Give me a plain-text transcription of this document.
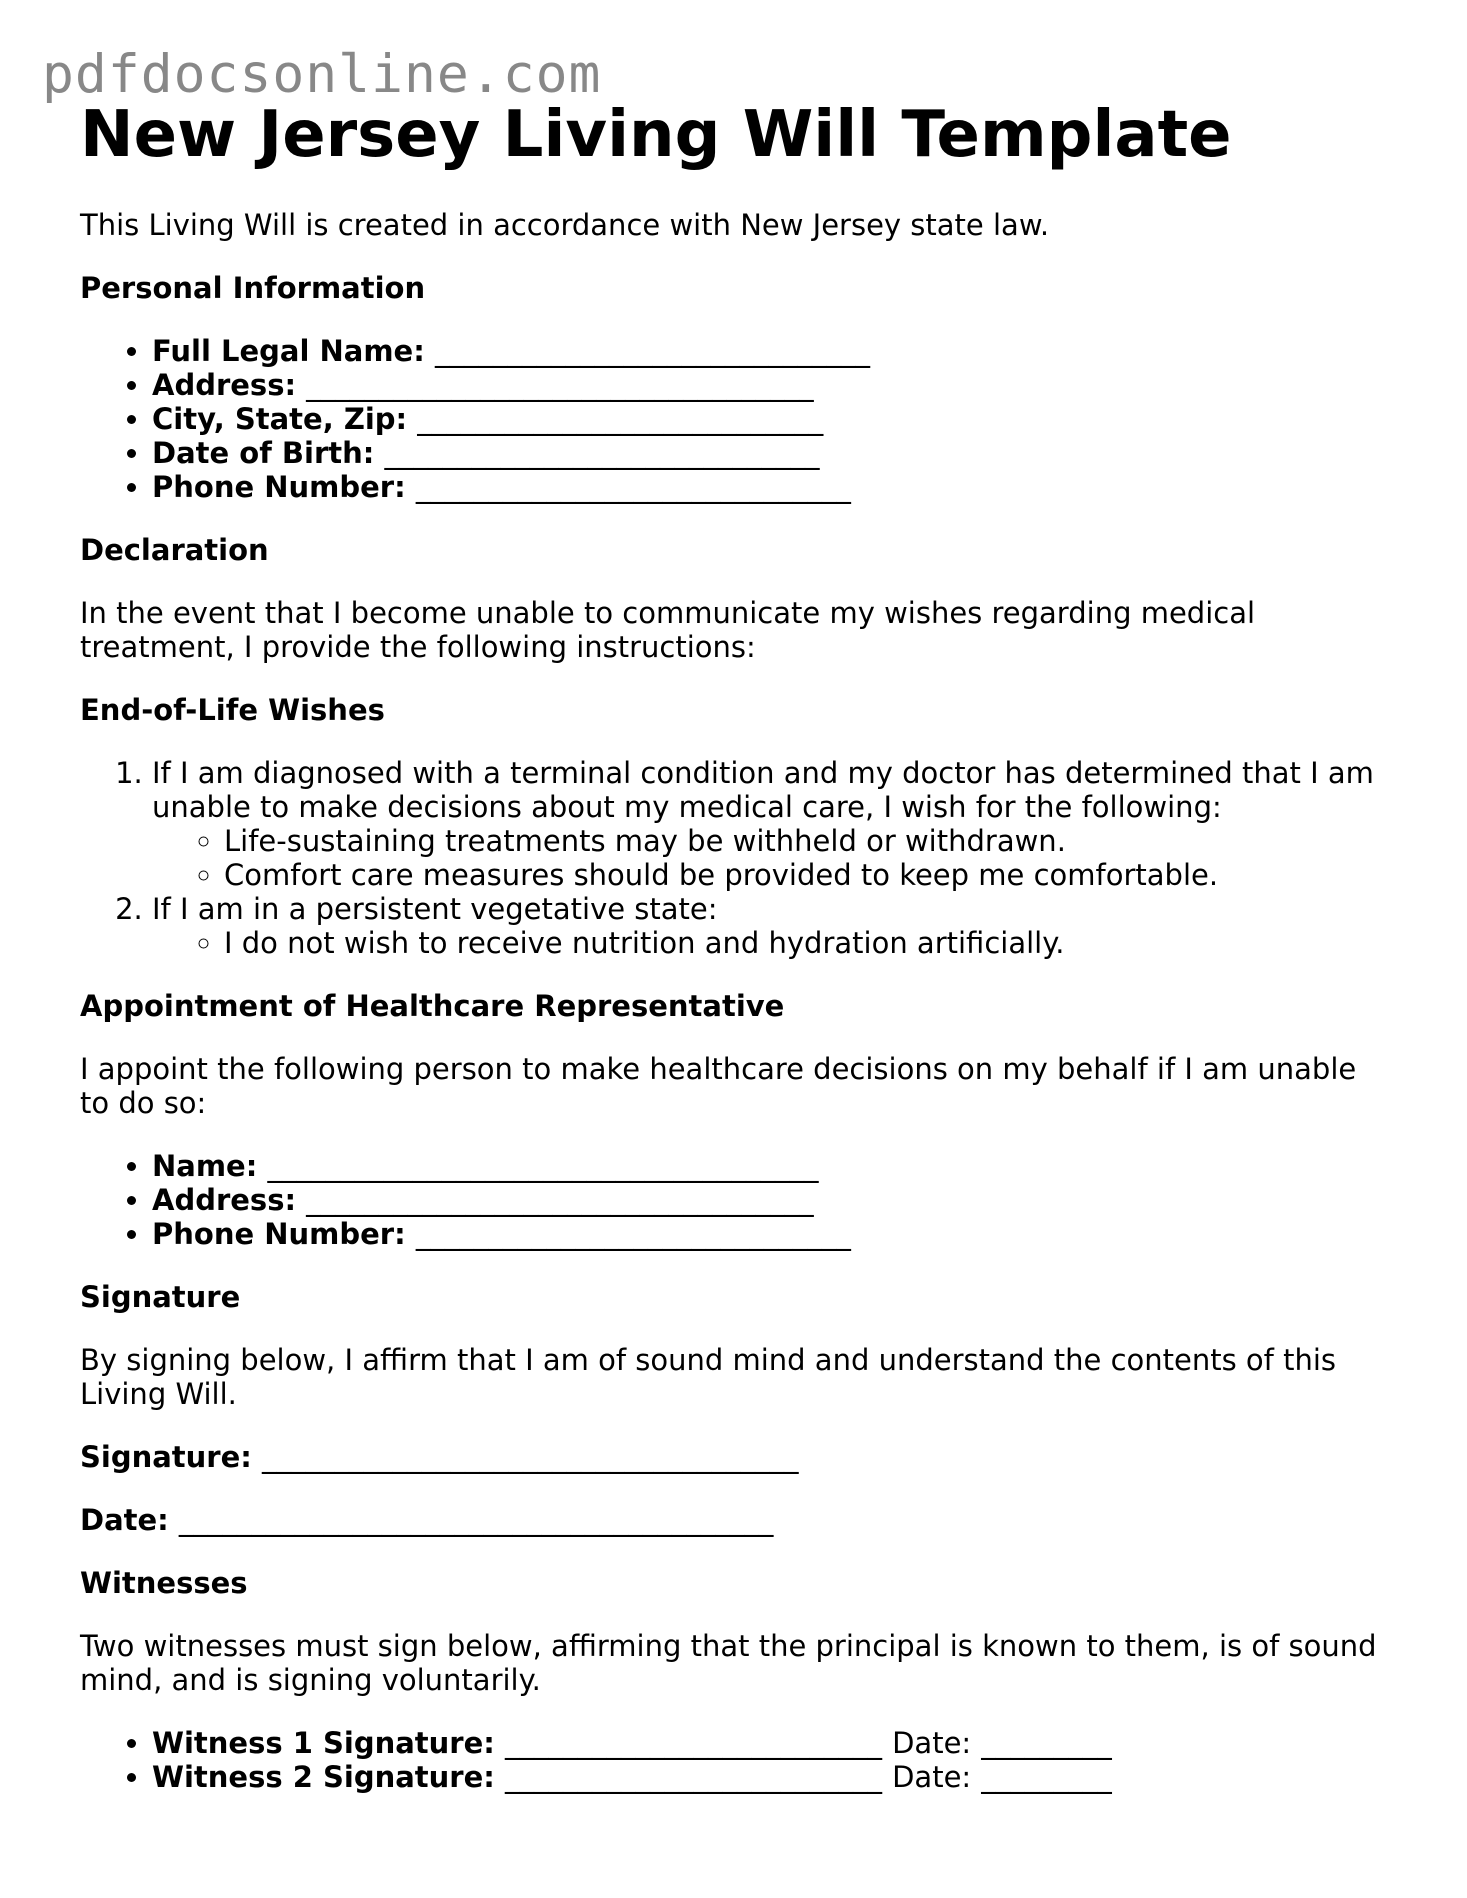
pdfdocsonline.com
New Jersey Living Will Template

This Living Will is created in accordance with New Jersey state law.

Personal Information
• Full Legal Name: ______________________________
• Address: ___________________________________
• City, State, Zip: ____________________________
• Date of Birth: ______________________________
• Phone Number: ______________________________
Declaration

In the event that I become unable to communicate my wishes regarding medical treatment, I provide the following instructions:

End-of-Life Wishes
1. If I am diagnosed with a terminal condition and my doctor has determined that I am unable to make decisions about my medical care, I wish for the following:
◦ Life-sustaining treatments may be withheld or withdrawn.
◦ Comfort care measures should be provided to keep me comfortable.
2. If I am in a persistent vegetative state:
◦ I do not wish to receive nutrition and hydration artificially.
Appointment of Healthcare Representative

I appoint the following person to make healthcare decisions on my behalf if I am unable to do so:

• Name: ______________________________________
• Address: ___________________________________
• Phone Number: ______________________________
Signature

By signing below, I affirm that I am of sound mind and understand the contents of this Living Will.

Signature: _____________________________________

Date: _________________________________________

Witnesses

Two witnesses must sign below, affirming that the principal is known to them, is of sound mind, and is signing voluntarily.

• Witness 1 Signature: __________________________ Date: _________
• Witness 2 Signature: __________________________ Date: _________
